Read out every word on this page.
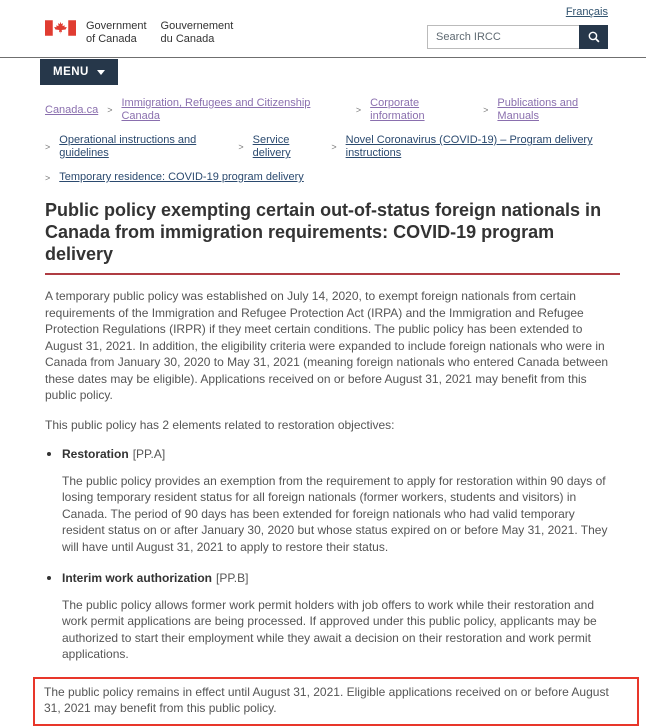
Government
of Canada
Gouvernement
du Canada
Français
Search IRCC
MENU
Canada.ca >
Immigration, Refugees and Citizenship Canada	>
Corporate information	>
Publications and Manuals
>
Operational instructions and guidelines	>
Service delivery	>
Novel Coronavirus (COVID-19) – Program delivery instructions
> Temporary residence: COVID-19 program delivery
Public policy exempting certain out-of-status foreign nationals in Canada from immigration requirements: COVID-19 program delivery

A temporary public policy was established on July 14, 2020, to exempt foreign nationals from certain requirements of the Immigration and Refugee Protection Act (IRPA) and the Immigration and Refugee Protection Regulations (IRPR) if they meet certain conditions. The public policy has been extended to August 31, 2021. In addition, the eligibility criteria were expanded to include foreign nationals who were in Canada from January 30, 2020 to May 31, 2021 (meaning foreign nationals who entered Canada between these dates may be eligible). Applications received on or before August 31, 2021 may benefit from this public policy.

This public policy has 2 elements related to restoration objectives:

• Restoration [PP.A]

The public policy provides an exemption from the requirement to apply for restoration within 90 days of losing temporary resident status for all foreign nationals (former workers, students and visitors) in Canada. The period of 90 days has been extended for foreign nationals who had valid temporary resident status on or after January 30, 2020 but whose status expired on or before May 31, 2021. They will have until August 31, 2021 to apply to restore their status.

• Interim work authorization [PP.B]

The public policy allows former work permit holders with job offers to work while their restoration and work permit applications are being processed. If approved under this public policy, applicants may be authorized to start their employment while they await a decision on their restoration and work permit applications.

The public policy remains in effect until August 31, 2021. Eligible applications received on or before August 31, 2021 may benefit from this public policy.
